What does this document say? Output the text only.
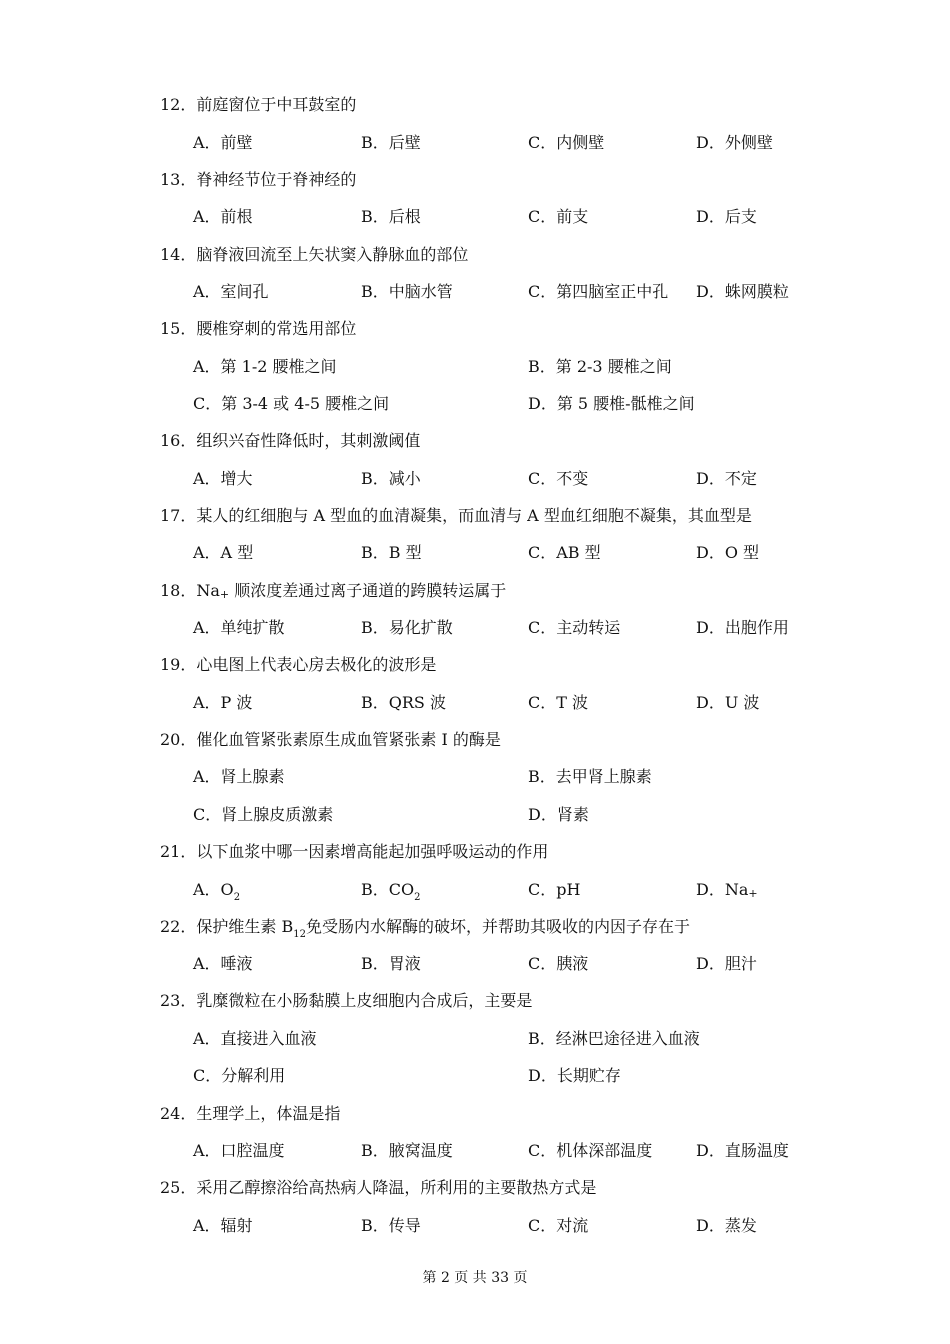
12．前庭窗位于中耳鼓室的
A．前壁	B．后壁	C．内侧壁	D．外侧壁
13．脊神经节位于脊神经的
A．前根	B．后根	C．前支	D．后支
14．脑脊液回流至上矢状窦入静脉血的部位
A．室间孔	B．中脑水管	C．第四脑室正中孔 D．蛛网膜粒
15．腰椎穿刺的常选用部位
A．第 1-2 腰椎之间	B．第 2-3 腰椎之间
C．第 3-4 或 4-5 腰椎之间	D．第 5 腰椎-骶椎之间
16．组织兴奋性降低时，其刺激阈值
A．增大	B．减小	C．不变	D．不定
17．某人的红细胞与 A 型血的血清凝集，而血清与 A 型血红细胞不凝集，其血型是
A．A 型	B．B 型	C．AB 型	D．O 型
18．$Na_+$ 顺浓度差通过离子通道的跨膜转运属于
A．单纯扩散	B．易化扩散	C．主动转运	D．出胞作用
19．心电图上代表心房去极化的波形是
A．P 波	B．QRS 波	C．T 波	D．U 波
20．催化血管紧张素原生成血管紧张素 I 的酶是
A．肾上腺素	B．去甲肾上腺素
C．肾上腺皮质激素	D．肾素
21．以下血浆中哪一因素增高能起加强呼吸运动的作用
A．$O_2$	B．$CO_2$	C．pH	D．$Na_+$
22．保护维生素 $B_{12}$免受肠内水解酶的破坏，并帮助其吸收的内因子存在于
A．唾液	B．胃液	C．胰液	D．胆汁
23．乳糜微粒在小肠黏膜上皮细胞内合成后，主要是
A．直接进入血液	B．经淋巴途径进入血液
C．分解利用	D．长期贮存
24．生理学上，体温是指
A．口腔温度	B．腋窝温度	C．机体深部温度	D．直肠温度
25．采用乙醇擦浴给高热病人降温，所利用的主要散热方式是
A．辐射	B．传导	C．对流	D．蒸发
第 2 页 共 33 页
